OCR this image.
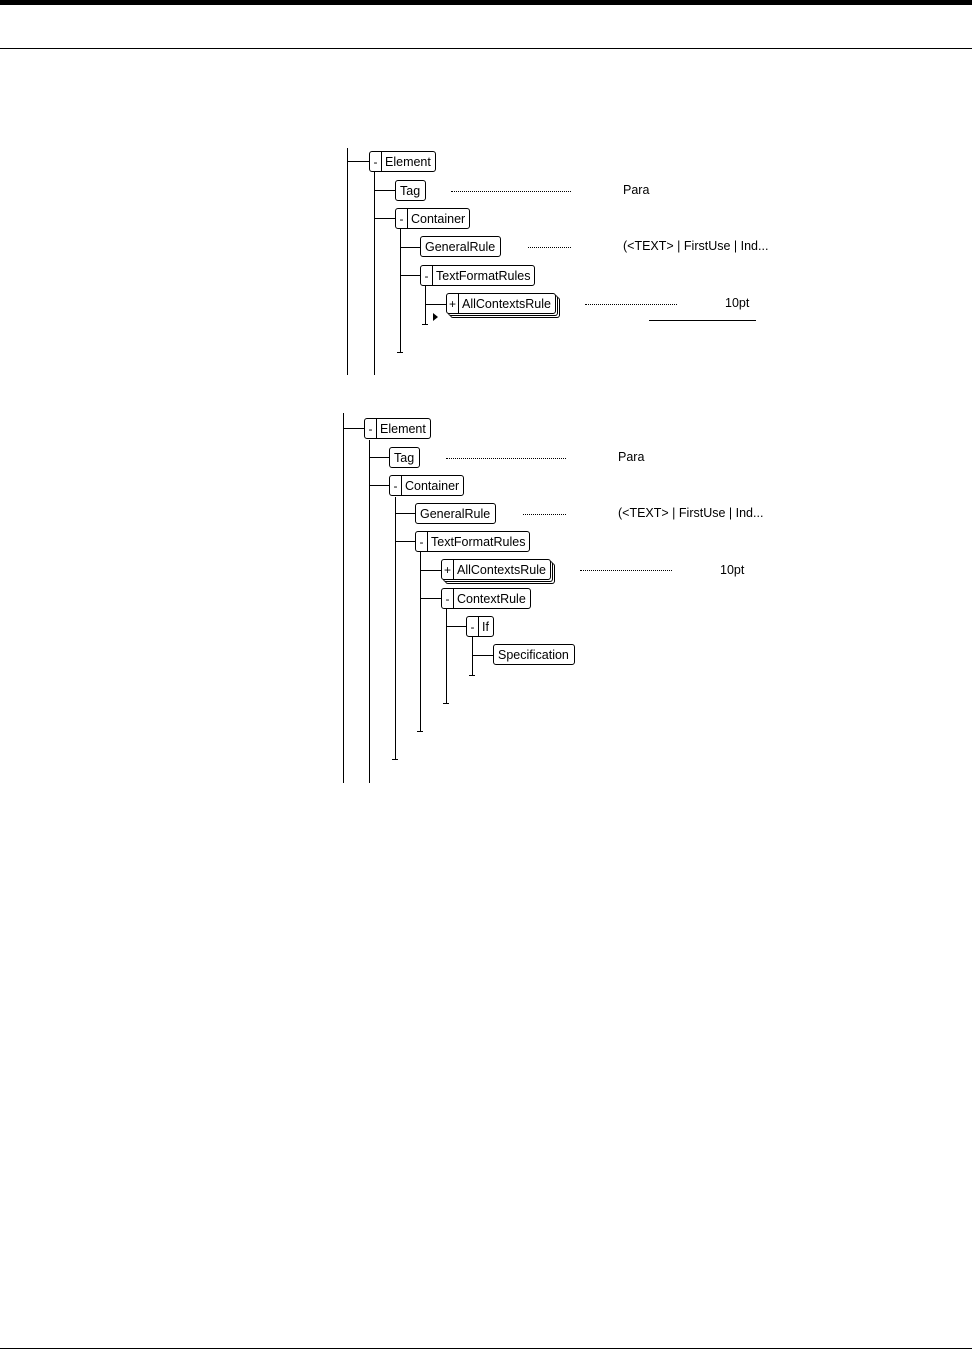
- Element
Tag
- Container
GeneralRule
- TextFormatRules
+ AllContextsRule
Para
(<TEXT> | FirstUse | Ind...
10pt
- Element
Tag
- Container
GeneralRule
- TextFormatRules
+ AllContextsRule
- ContextRule
- If
Specification
Para
(<TEXT> | FirstUse | Ind...
10pt
